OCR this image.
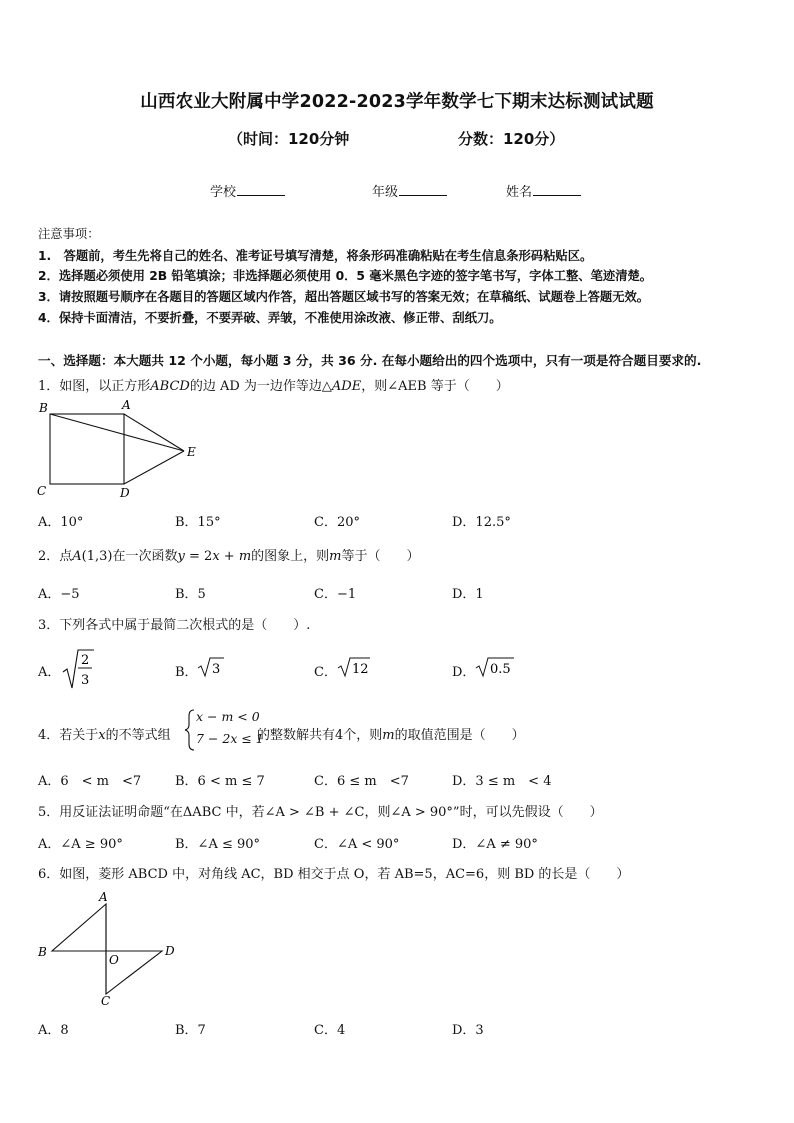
山西农业大附属中学2022-2023学年数学七下期末达标测试试题
（时间：120分钟	分数：120分）
学校	年级	姓名
注意事项：
1.　答题前，考生先将自己的姓名、准考证号填写清楚，将条形码准确粘贴在考生信息条形码粘贴区。
2．选择题必须使用 2B 铅笔填涂；非选择题必须使用 0．5 毫米黑色字迹的签字笔书写，字体工整、笔迹清楚。
3．请按照题号顺序在各题目的答题区域内作答，超出答题区域书写的答案无效；在草稿纸、试题卷上答题无效。
4．保持卡面清洁，不要折叠，不要弄破、弄皱，不准使用涂改液、修正带、刮纸刀。
一、选择题：本大题共 12 个小题，每小题 3 分，共 36 分. 在每小题给出的四个选项中，只有一项是符合题目要求的.
1．如图，以正方形ABCD的边 AD 为一边作等边△ADE，则∠AEB 等于（　　）
B	A
E
C	D
A．10°	B．15°	C．20°	D．12.5°
2．点A(1,3)在一次函数y = 2x + m的图象上，则m等于（　　）
A．−5	B．5	C．−1	D．1
3．下列各式中属于最简二次根式的是（　　）.
A．
2
3
B． 3	C． 12	D． 0.5
4．若关于x的不等式组
x − m < 0
7 − 2x ≤ 1
的整数解共有4个，则m的取值范围是（　　）
A．6　< m　<7	B．6 < m ≤ 7	C．6 ≤ m　<7	D．3 ≤ m　< 4
5．用反证法证明命题“在ΔABC 中，若∠A > ∠B + ∠C，则∠A > 90°”时，可以先假设（　　）
A．∠A ≥ 90°	B．∠A ≤ 90°	C．∠A < 90°	D．∠A ≠ 90°
6．如图，菱形 ABCD 中，对角线 AC，BD 相交于点 O，若 AB=5，AC=6，则 BD 的长是（　　）
A
B	D
O
C
A．8	B．7	C．4	D．3
